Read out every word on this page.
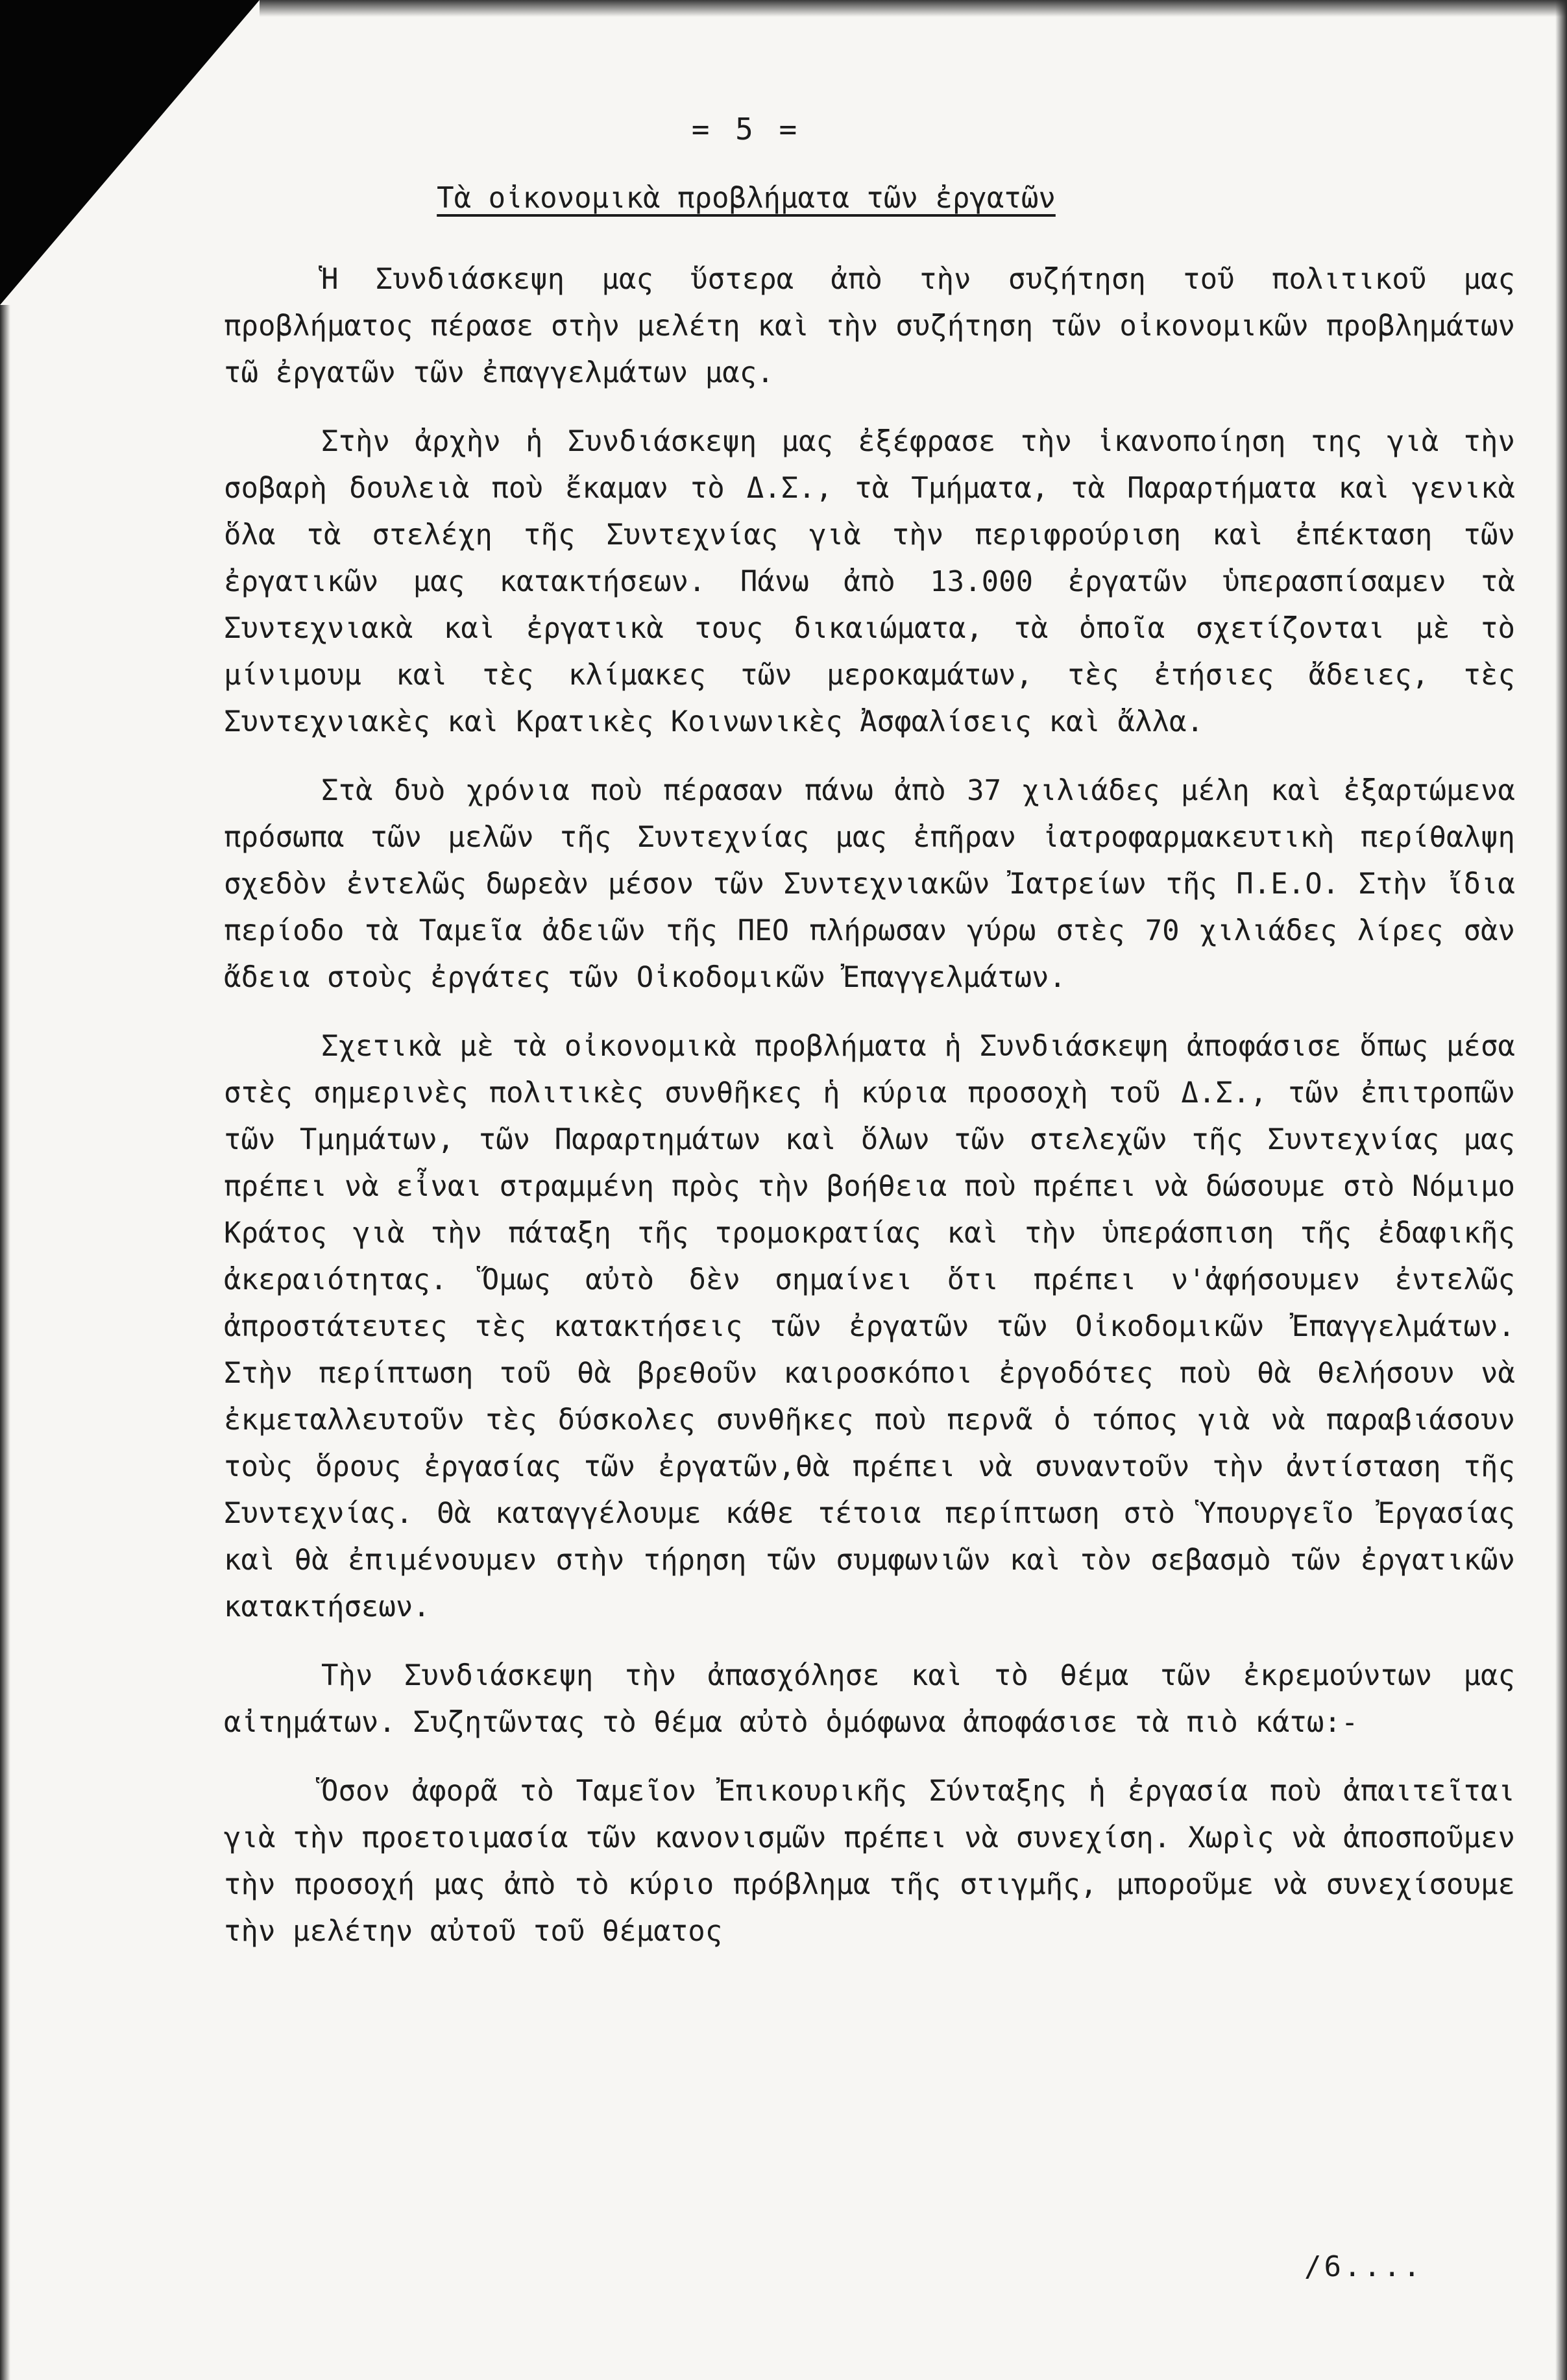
= 5 =
Τὰ οἰκονομικὰ προβλήματα τῶν ἐργατῶν

Ἡ Συνδιάσκεψη μας ὕστερα ἀπὸ τὴν συζήτηση τοῦ πολιτικοῦ μας προβλήματος πέρασε στὴν μελέτη καὶ τὴν συζήτηση τῶν οἰκονομικῶν προβλημάτων τῶ ἐργατῶν τῶν ἐπαγγελμάτων μας.

Στὴν ἀρχὴν ἡ Συνδιάσκεψη μας ἐξέφρασε τὴν ἱκανοποίηση της γιὰ τὴν σοβαρὴ δουλειὰ ποὺ ἔκαμαν τὸ Δ.Σ., τὰ Τμήματα, τὰ Παραρτήματα καὶ γενικὰ ὅλα τὰ στελέχη τῆς Συντεχνίας γιὰ τὴν περιφρούριση καὶ ἐπέκταση τῶν ἐργατικῶν μας κατακτήσεων. Πάνω ἀπὸ 13.000 ἐργατῶν ὑπερασπίσαμεν τὰ Συντεχνιακὰ καὶ ἐργατικὰ τους δικαιώματα, τὰ ὁποῖα σχετίζονται μὲ τὸ μίνιμουμ καὶ τὲς κλίμακες τῶν μεροκαμάτων, τὲς ἐτήσιες ἄδειες, τὲς Συντεχνιακὲς καὶ Κρατικὲς Κοινωνικὲς Ἀσφαλίσεις καὶ ἄλλα.

Στὰ δυὸ χρόνια ποὺ πέρασαν πάνω ἀπὸ 37 χιλιάδες μέλη καὶ ἐξαρτώμενα πρόσωπα τῶν μελῶν τῆς Συντεχνίας μας ἐπῆραν ἰατροφαρμακευτικὴ περίθαλψη σχεδὸν ἐντελῶς δωρεὰν μέσον τῶν Συντεχνιακῶν Ἰατρείων τῆς Π.Ε.Ο. Στὴν ἴδια περίοδο τὰ Ταμεῖα ἀδειῶν τῆς ΠΕΟ πλήρωσαν γύρω στὲς 70 χιλιάδες λίρες σὰν ἄδεια στοὺς ἐργάτες τῶν Οἰκοδομικῶν Ἐπαγγελμάτων.

Σχετικὰ μὲ τὰ οἰκονομικὰ προβλήματα ἡ Συνδιάσκεψη ἀποφάσισε ὅπως μέσα στὲς σημερινὲς πολιτικὲς συνθῆκες ἡ κύρια προσοχὴ τοῦ Δ.Σ., τῶν ἐπιτροπῶν τῶν Τμημάτων, τῶν Παραρτημάτων καὶ ὅλων τῶν στελεχῶν τῆς Συντεχνίας μας πρέπει νὰ εἶναι στραμμένη πρὸς τὴν βοήθεια ποὺ πρέπει νὰ δώσουμε στὸ Νόμιμο Κράτος γιὰ τὴν πάταξη τῆς τρομοκρατίας καὶ τὴν ὑπεράσπιση τῆς ἐδαφικῆς ἀκεραιότητας. Ὅμως αὐτὸ δὲν σημαίνει ὅτι πρέπει ν'ἀφήσουμεν ἐντελῶς ἀπροστάτευτες τὲς κατακτήσεις τῶν ἐργατῶν τῶν Οἰκοδομικῶν Ἐπαγγελμάτων. Στὴν περίπτωση τοῦ θὰ βρεθοῦν καιροσκόποι ἐργοδότες ποὺ θὰ θελήσουν νὰ ἐκμεταλλευτοῦν τὲς δύσκολες συνθῆκες ποὺ περνᾶ ὁ τόπος γιὰ νὰ παραβιάσουν τοὺς ὅρους ἐργασίας τῶν ἐργατῶν,θὰ πρέπει νὰ συναντοῦν τὴν ἀντίσταση τῆς Συντεχνίας. Θὰ καταγγέλουμε κάθε τέτοια περίπτωση στὸ Ὑπουργεῖο Ἐργασίας καὶ θὰ ἐπιμένουμεν στὴν τήρηση τῶν συμφωνιῶν καὶ τὸν σεβασμὸ τῶν ἐργατικῶν κατακτήσεων.

Τὴν Συνδιάσκεψη τὴν ἀπασχόλησε καὶ τὸ θέμα τῶν ἐκρεμούντων μας αἰτημάτων. Συζητῶντας τὸ θέμα αὐτὸ ὁμόφωνα ἀποφάσισε τὰ πιὸ κάτω:-

Ὅσον ἀφορᾶ τὸ Ταμεῖον Ἐπικουρικῆς Σύνταξης ἡ ἐργασία ποὺ ἀπαιτεῖται γιὰ τὴν προετοιμασία τῶν κανονισμῶν πρέπει νὰ συνεχίση. Χωρὶς νὰ ἀποσποῦμεν τὴν προσοχή μας ἀπὸ τὸ κύριο πρόβλημα τῆς στιγμῆς, μποροῦμε νὰ συνεχίσουμε τὴν μελέτην αὐτοῦ τοῦ θέματος

/6....
